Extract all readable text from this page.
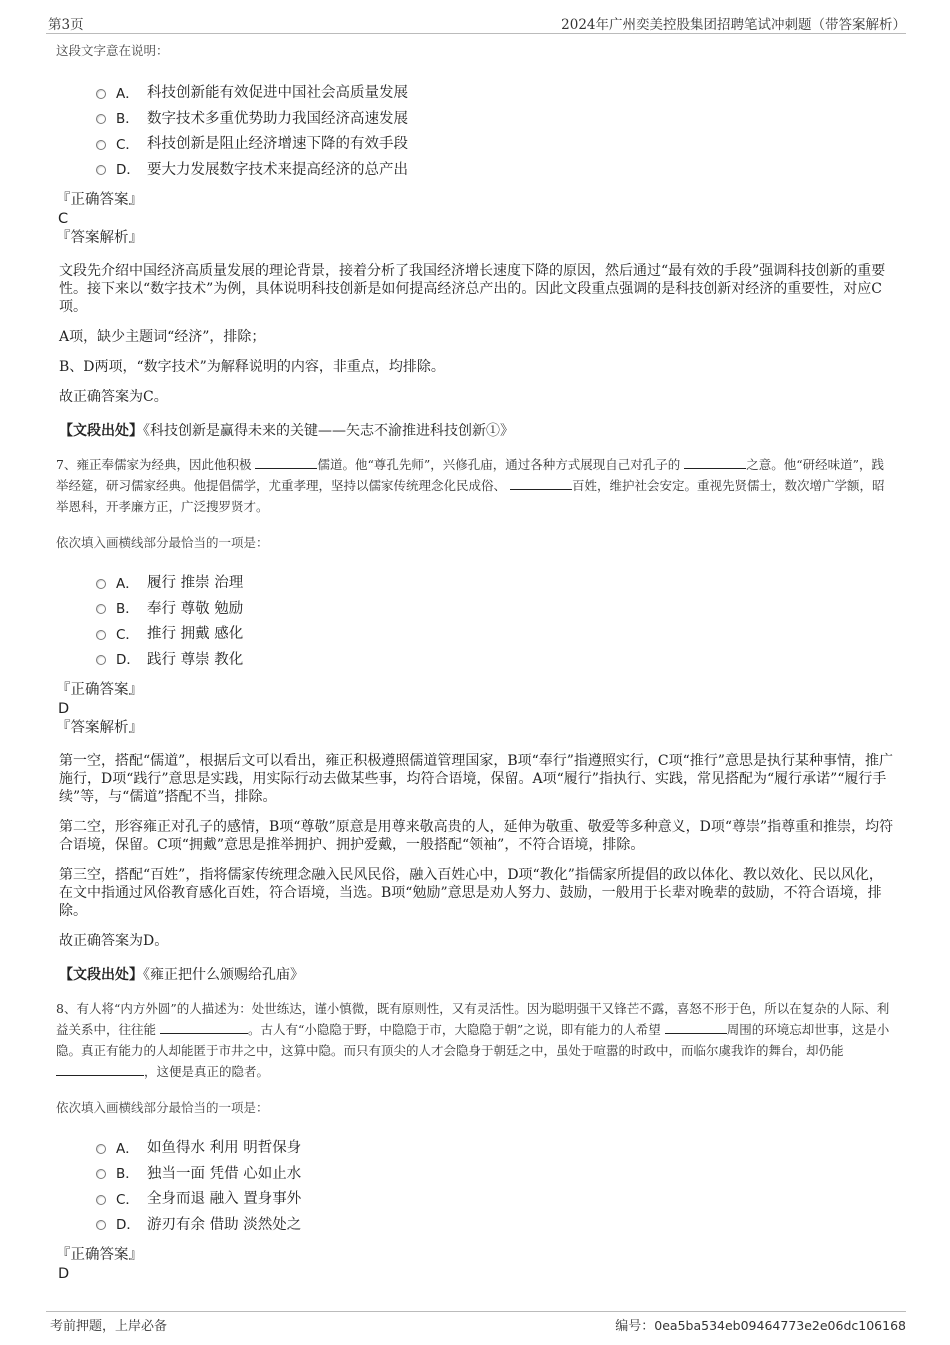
第3页	2024年广州奕美控股集团招聘笔试冲刺题（带答案解析）
这段文字意在说明：
A． 科技创新能有效促进中国社会高质量发展
B． 数字技术多重优势助力我国经济高速发展
C． 科技创新是阻止经济增速下降的有效手段
D． 要大力发展数字技术来提高经济的总产出
『正确答案』
C
『答案解析』
文段先介绍中国经济高质量发展的理论背景，接着分析了我国经济增长速度下降的原因，然后通过“最有效的手段”强调科技创新的重要性。接下来以“数字技术”为例，具体说明科技创新是如何提高经济总产出的。因此文段重点强调的是科技创新对经济的重要性，对应C项。
A项，缺少主题词“经济”，排除；
B、D两项，“数字技术”为解释说明的内容，非重点，均排除。
故正确答案为C。
【文段出处】《科技创新是赢得未来的关键——矢志不渝推进科技创新①》
7、雍正奉儒家为经典，因此他积极	儒道。他“尊孔先师”，兴修孔庙，通过各种方式展现自己对孔子的	之意。他“研经味道”，践举经筵，研习儒家经典。他提倡儒学，尤重孝理，坚持以儒家传统理念化民成俗、	百姓，维护社会安定。重视先贤儒士，数次增广学额，昭举恩科，开孝廉方正，广泛搜罗贤才。
依次填入画横线部分最恰当的一项是：
A． 履行 推崇 治理
B． 奉行 尊敬 勉励
C． 推行 拥戴 感化
D． 践行 尊崇 教化
『正确答案』
D
『答案解析』
第一空，搭配“儒道”，根据后文可以看出，雍正积极遵照儒道管理国家，B项“奉行”指遵照实行，C项“推行”意思是执行某种事情，推广施行，D项“践行”意思是实践，用实际行动去做某些事，均符合语境，保留。A项“履行”指执行、实践，常见搭配为“履行承诺”“履行手续”等，与“儒道”搭配不当，排除。
第二空，形容雍正对孔子的感情，B项“尊敬”原意是用尊来敬高贵的人，延伸为敬重、敬爱等多种意义，D项“尊崇”指尊重和推崇，均符合语境，保留。C项“拥戴”意思是推举拥护、拥护爱戴，一般搭配“领袖”，不符合语境，排除。
第三空，搭配“百姓”，指将儒家传统理念融入民风民俗，融入百姓心中，D项“教化”指儒家所提倡的政以体化、教以效化、民以风化，在文中指通过风俗教育感化百姓，符合语境，当选。B项“勉励”意思是劝人努力、鼓励，一般用于长辈对晚辈的鼓励，不符合语境，排除。
故正确答案为D。
【文段出处】《雍正把什么颁赐给孔庙》
8、有人将“内方外圆”的人描述为：处世练达，谨小慎微，既有原则性，又有灵活性。因为聪明强干又锋芒不露，喜怒不形于色，所以在复杂的人际、利益关系中，往往能	。古人有“小隐隐于野，中隐隐于市，大隐隐于朝”之说，即有能力的人希望	周围的环境忘却世事，这是小隐。真正有能力的人却能匿于市井之中，这算中隐。而只有顶尖的人才会隐身于朝廷之中，虽处于喧嚣的时政中，而临尔虞我诈的舞台，却仍能 ，这便是真正的隐者。
依次填入画横线部分最恰当的一项是：
A． 如鱼得水 利用 明哲保身
B． 独当一面 凭借 心如止水
C． 全身而退 融入 置身事外
D． 游刃有余 借助 淡然处之
『正确答案』
D
考前押题，上岸必备	编号：0ea5ba534eb09464773e2e06dc106168
